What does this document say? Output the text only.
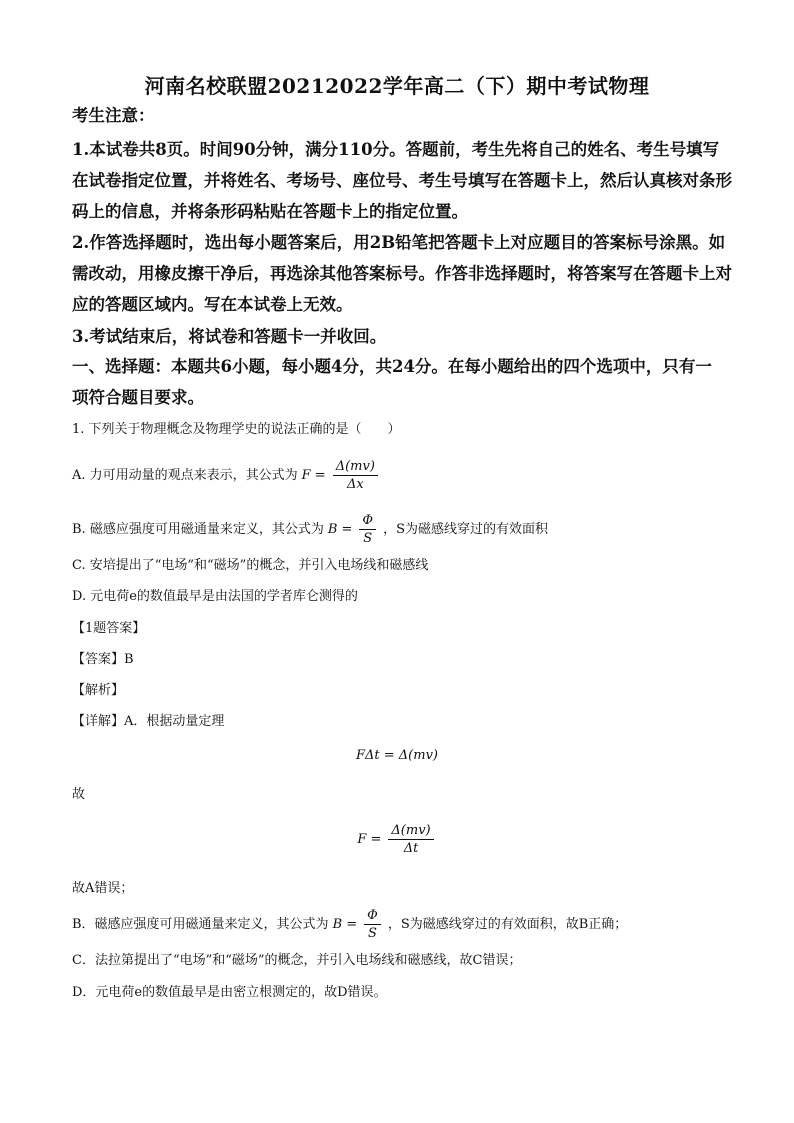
河南名校联盟20212022学年高二（下）期中考试物理
考生注意：
1.本试卷共8页。时间90分钟，满分110分。答题前，考生先将自己的姓名、考生号填写
在试卷指定位置，并将姓名、考场号、座位号、考生号填写在答题卡上，然后认真核对条形
码上的信息，并将条形码粘贴在答题卡上的指定位置。
2.作答选择题时，选出每小题答案后，用2B铅笔把答题卡上对应题目的答案标号涂黑。如
需改动，用橡皮擦干净后，再选涂其他答案标号。作答非选择题时，将答案写在答题卡上对
应的答题区域内。写在本试卷上无效。
3.考试结束后，将试卷和答题卡一并收回。
一、选择题：本题共6小题，每小题4分，共24分。在每小题给出的四个选项中，只有一
项符合题目要求。
1. 下列关于物理概念及物理学史的说法正确的是（　　）
A. 力可用动量的观点来表示，其公式为 $F = \frac{\Delta(mv)}{\Delta x}$
B. 磁感应强度可用磁通量来定义，其公式为 $B = \frac{\Phi}{S}$ ，S为磁感线穿过的有效面积
C. 安培提出了“电场”和“磁场”的概念，并引入电场线和磁感线
D. 元电荷e的数值最早是由法国的学者库仑测得的
【1题答案】
【答案】B
【解析】
【详解】A．根据动量定理
FΔt = Δ(mv)
故
$F = \frac{\Delta(mv)}{\Delta t}$
故A错误；
B．磁感应强度可用磁通量来定义，其公式为 $B = \frac{\Phi}{S}$ ，S为磁感线穿过的有效面积，故B正确；
C．法拉第提出了“电场”和“磁场”的概念，并引入电场线和磁感线，故C错误；
D．元电荷e的数值最早是由密立根测定的，故D错误。
